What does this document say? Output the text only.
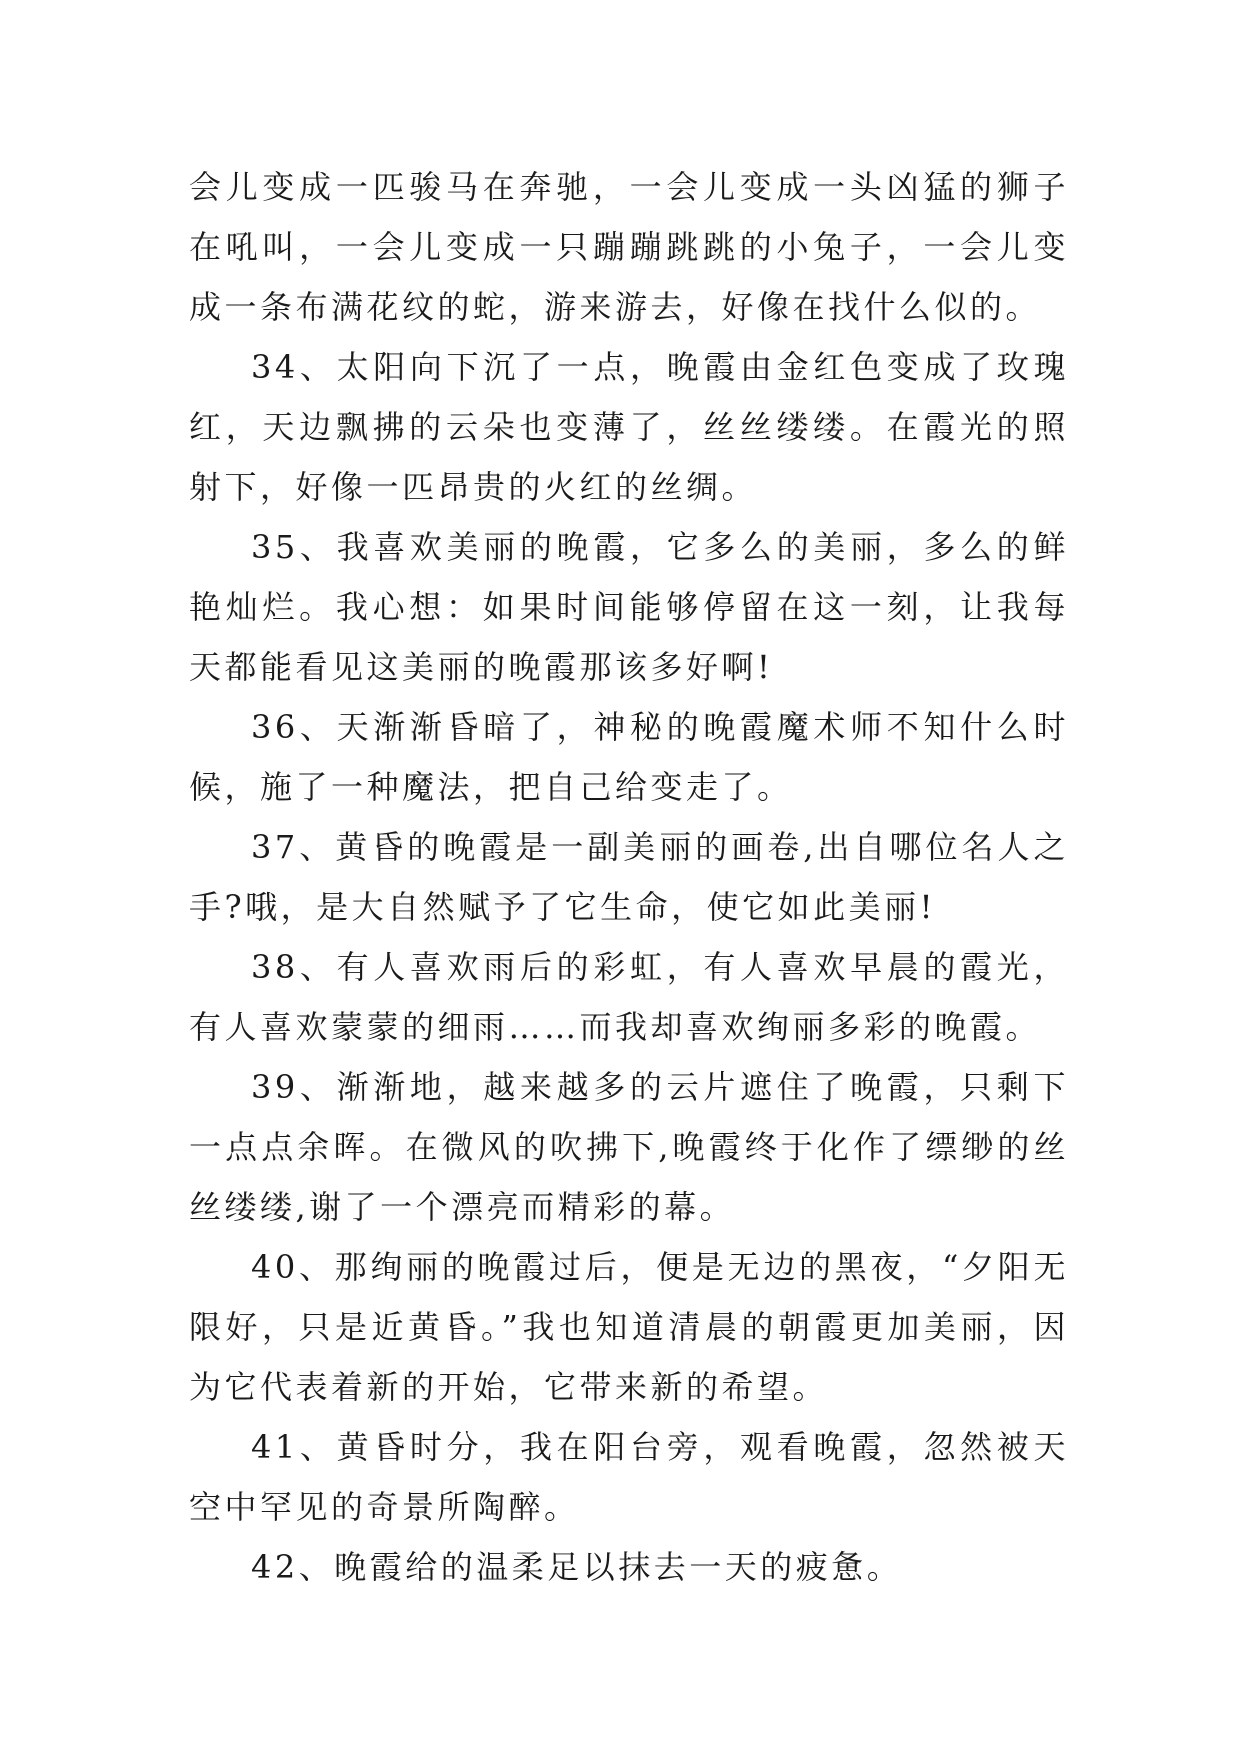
会儿变成一匹骏马在奔驰，一会儿变成一头凶猛的狮子在吼叫，一会儿变成一只蹦蹦跳跳的小兔子，一会儿变成一条布满花纹的蛇，游来游去，好像在找什么似的。

34、太阳向下沉了一点，晚霞由金红色变成了玫瑰红，天边飘拂的云朵也变薄了，丝丝缕缕。在霞光的照射下，好像一匹昂贵的火红的丝绸。

35、我喜欢美丽的晚霞，它多么的美丽，多么的鲜艳灿烂。我心想：如果时间能够停留在这一刻，让我每天都能看见这美丽的晚霞那该多好啊!

36、天渐渐昏暗了，神秘的晚霞魔术师不知什么时候，施了一种魔法，把自己给变走了。

37、黄昏的晚霞是一副美丽的画卷,出自哪位名人之手?哦，是大自然赋予了它生命，使它如此美丽!

38、有人喜欢雨后的彩虹，有人喜欢早晨的霞光，有人喜欢蒙蒙的细雨……而我却喜欢绚丽多彩的晚霞。

39、渐渐地，越来越多的云片遮住了晚霞，只剩下一点点余晖。在微风的吹拂下,晚霞终于化作了缥缈的丝丝缕缕,谢了一个漂亮而精彩的幕。

40、那绚丽的晚霞过后，便是无边的黑夜，“夕阳无限好，只是近黄昏。”我也知道清晨的朝霞更加美丽，因为它代表着新的开始，它带来新的希望。

41、黄昏时分，我在阳台旁，观看晚霞，忽然被天空中罕见的奇景所陶醉。

42、晚霞给的温柔足以抹去一天的疲惫。
